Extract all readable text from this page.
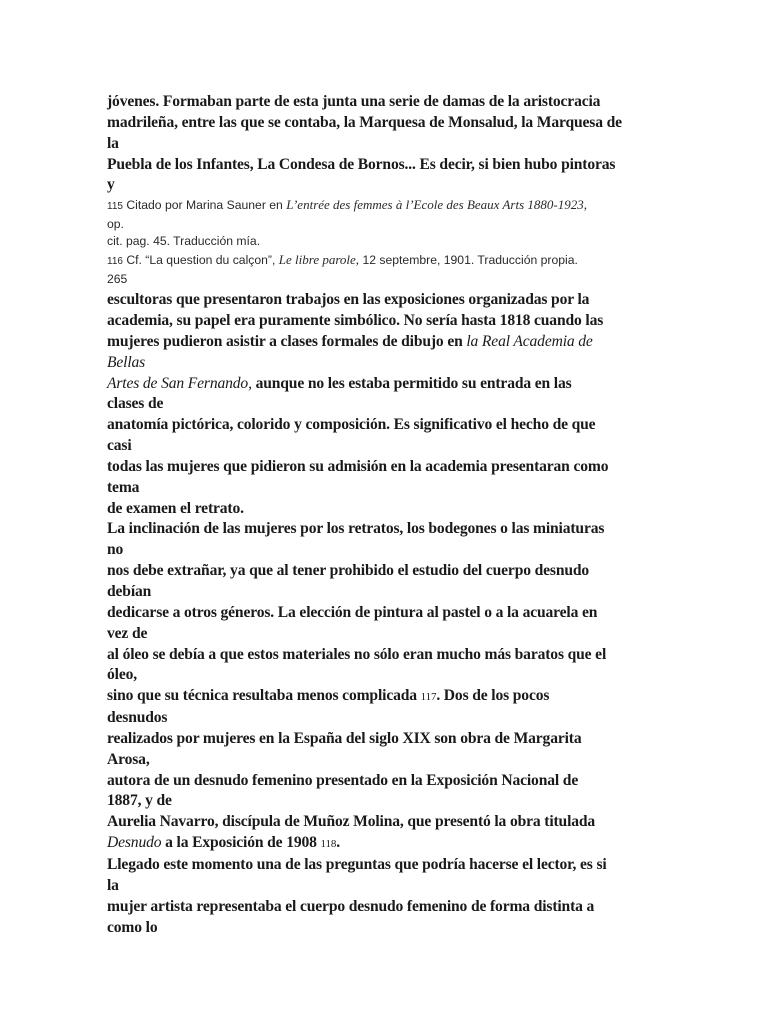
jóvenes. Formaban parte de esta junta una serie de damas de la aristocracia
madrileña, entre las que se contaba, la Marquesa de Monsalud, la Marquesa de
la
Puebla de los Infantes, La Condesa de Bornos... Es decir, si bien hubo pintoras
y
115 Citado por Marina Sauner en L’entrée des femmes à l’Ecole des Beaux Arts 1880-1923,
op.
cit. pag. 45. Traducción mía.
116 Cf. “La question du calçon”, Le libre parole, 12 septembre, 1901. Traducción propia.
265
escultoras que presentaron trabajos en las exposiciones organizadas por la
academia, su papel era puramente simbólico. No sería hasta 1818 cuando las
mujeres pudieron asistir a clases formales de dibujo en la Real Academia de
Bellas
Artes de San Fernando, aunque no les estaba permitido su entrada en las
clases de
anatomía pictórica, colorido y composición. Es significativo el hecho de que
casi
todas las mujeres que pidieron su admisión en la academia presentaran como
tema
de examen el retrato.
La inclinación de las mujeres por los retratos, los bodegones o las miniaturas
no
nos debe extrañar, ya que al tener prohibido el estudio del cuerpo desnudo
debían
dedicarse a otros géneros. La elección de pintura al pastel o a la acuarela en
vez de
al óleo se debía a que estos materiales no sólo eran mucho más baratos que el
óleo,
sino que su técnica resultaba menos complicada 117. Dos de los pocos
desnudos
realizados por mujeres en la España del siglo XIX son obra de Margarita
Arosa,
autora de un desnudo femenino presentado en la Exposición Nacional de
1887, y de
Aurelia Navarro, discípula de Muñoz Molina, que presentó la obra titulada
Desnudo a la Exposición de 1908 118.
Llegado este momento una de las preguntas que podría hacerse el lector, es si
la
mujer artista representaba el cuerpo desnudo femenino de forma distinta a
como lo
